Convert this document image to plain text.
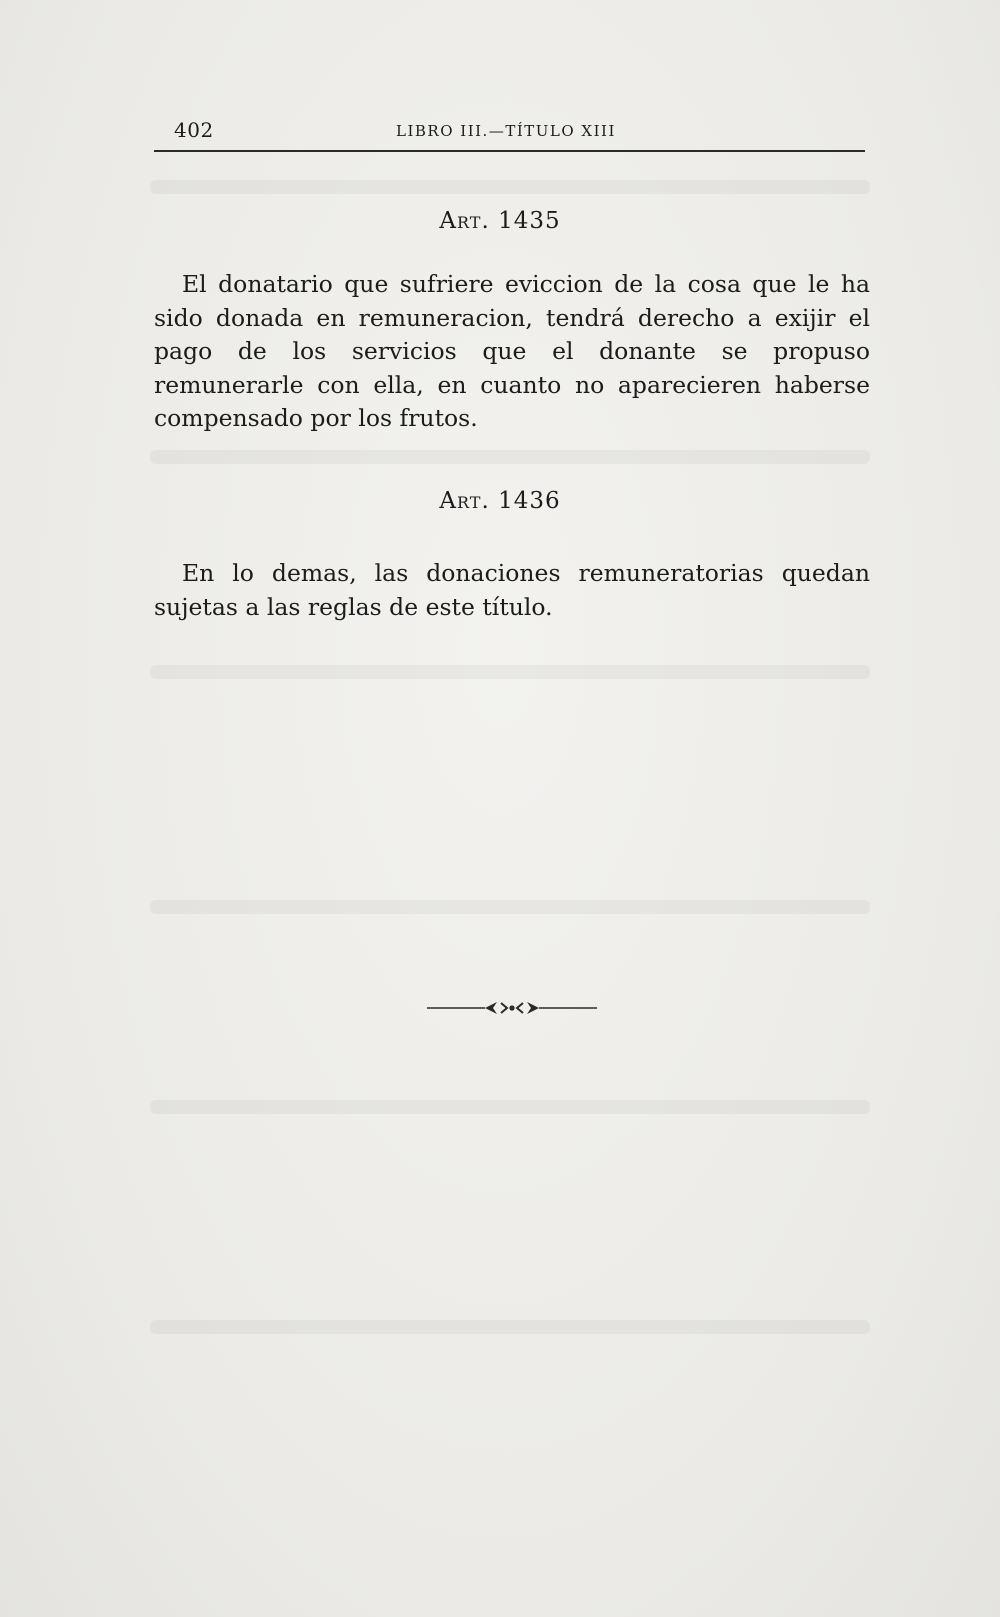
402	LIBRO III.—TÍTULO XIII
Art. 1435

El donatario que sufriere eviccion de la cosa que le ha sido donada en remuneracion, tendrá derecho a exijir el pago de los servicios que el donante se propuso remunerarle con ella, en cuanto no aparecieren haberse compensado por los frutos.

Art. 1436

En lo demas, las donaciones remuneratorias quedan sujetas a las reglas de este título.
